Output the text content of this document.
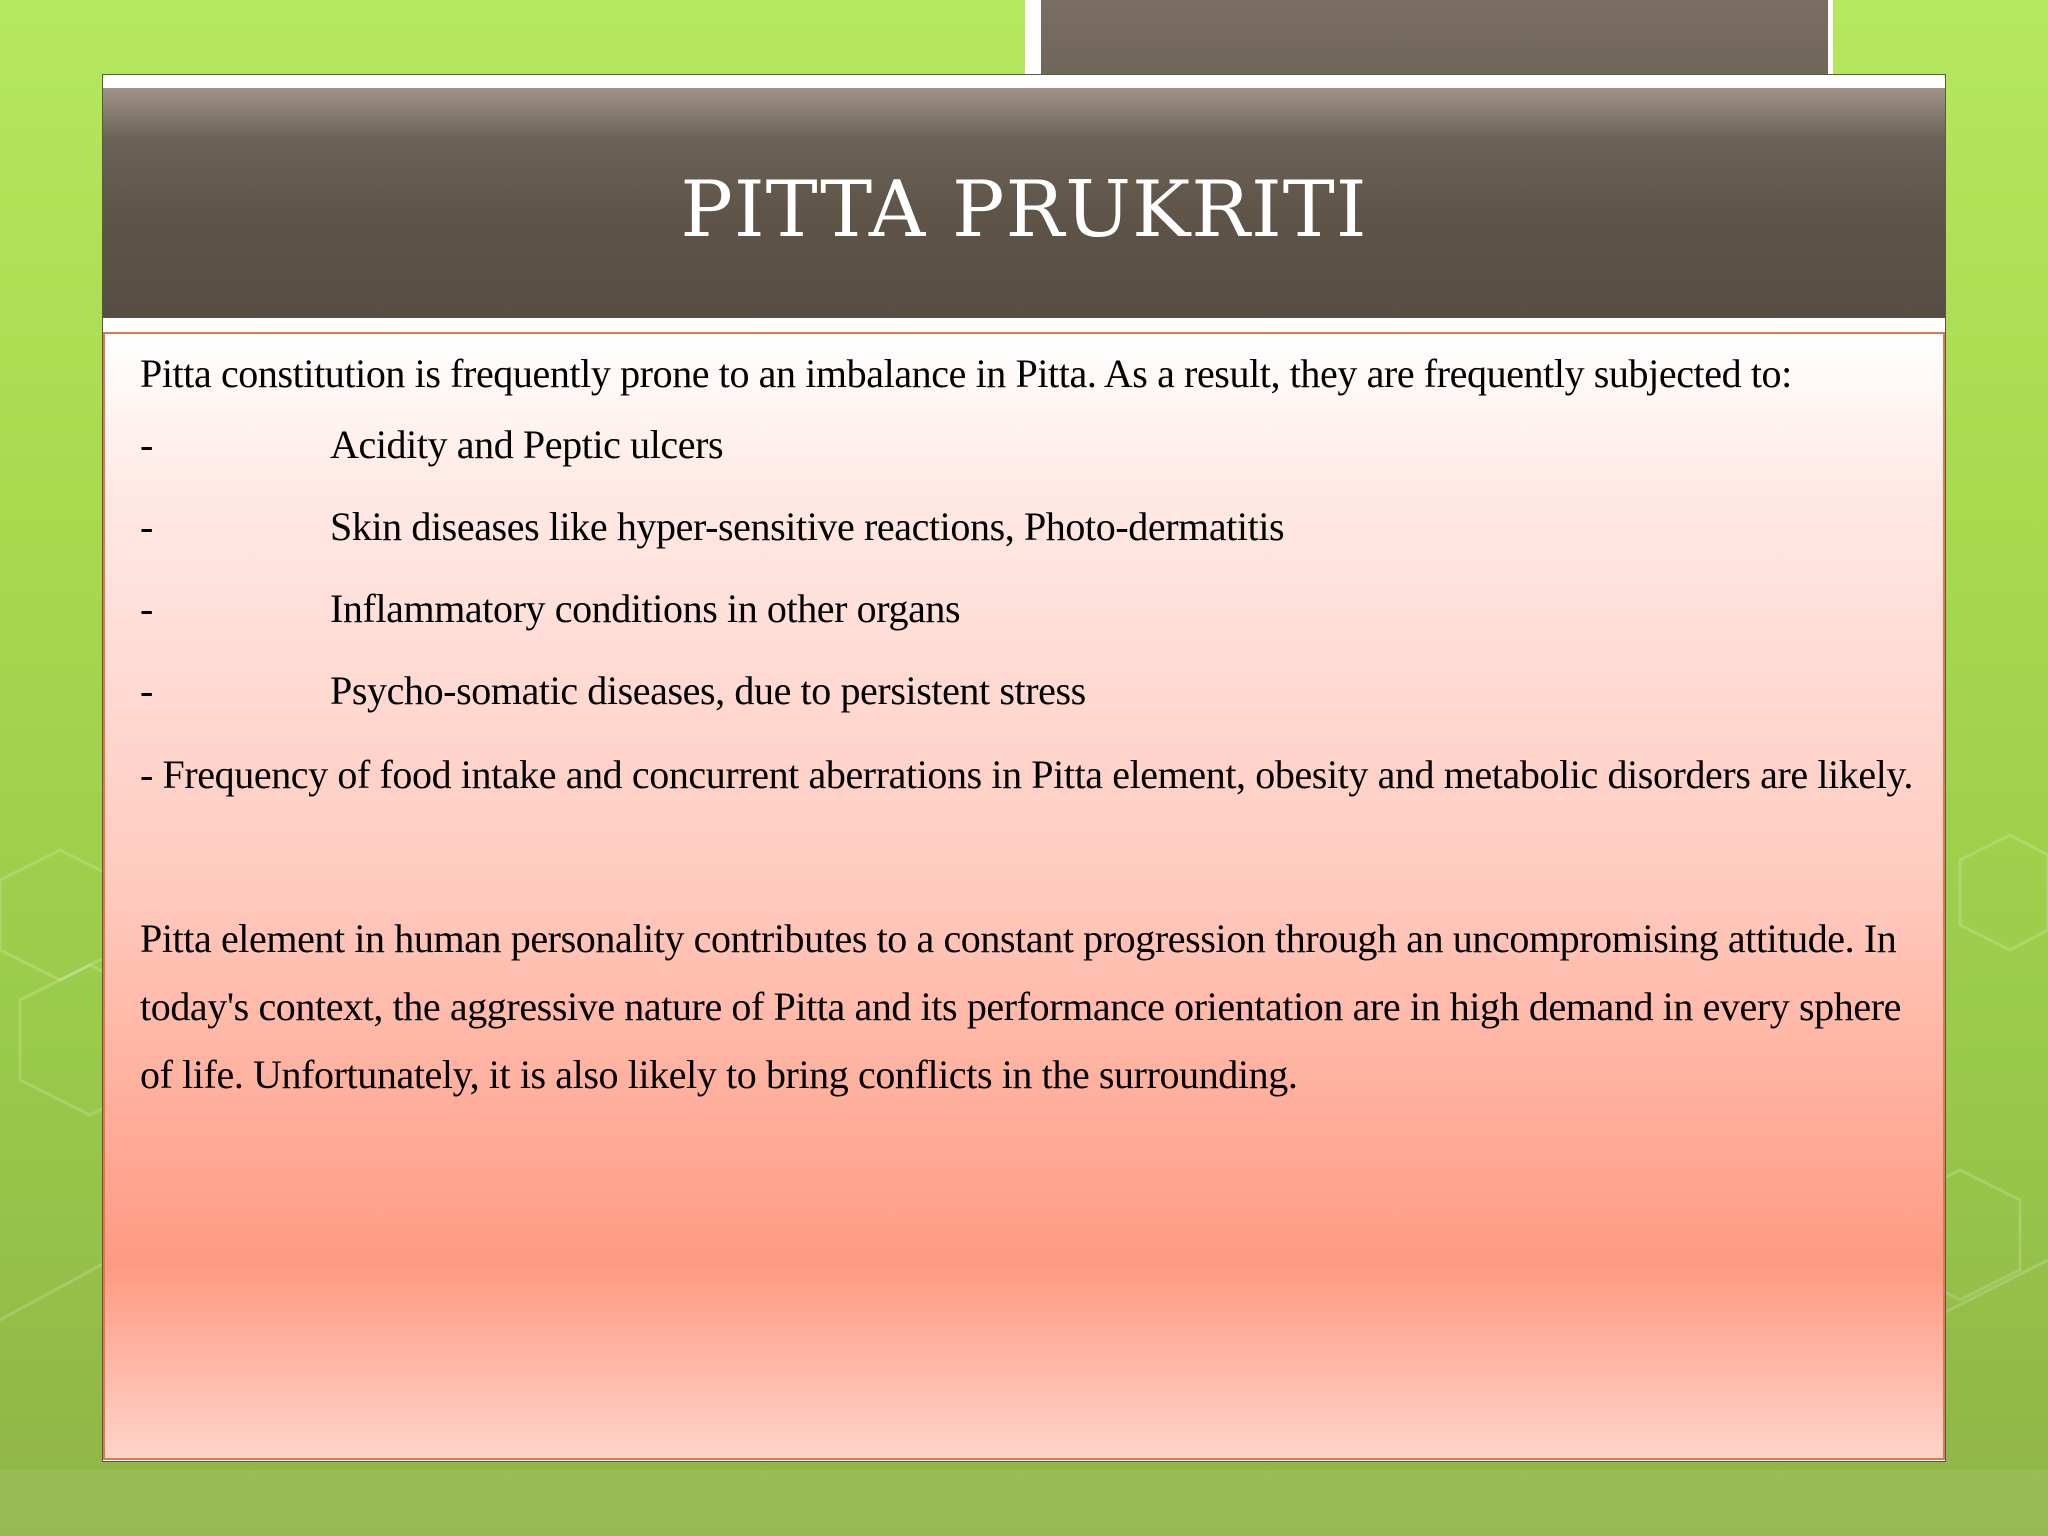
PITTA PRUKRITI

Pitta constitution is frequently prone to an imbalance in Pitta. As a result, they are frequently subjected to:

-	Acidity and Peptic ulcers
-	Skin diseases like hyper-sensitive reactions, Photo-dermatitis
-	Inflammatory conditions in other organs
-	Psycho-somatic diseases, due to persistent stress

- Frequency of food intake and concurrent aberrations in Pitta element, obesity and metabolic disorders are likely.

Pitta element in human personality contributes to a constant progression through an uncompromising attitude. In today's context, the aggressive nature of Pitta and its performance orientation are in high demand in every sphere of life. Unfortunately, it is also likely to bring conflicts in the surrounding.
